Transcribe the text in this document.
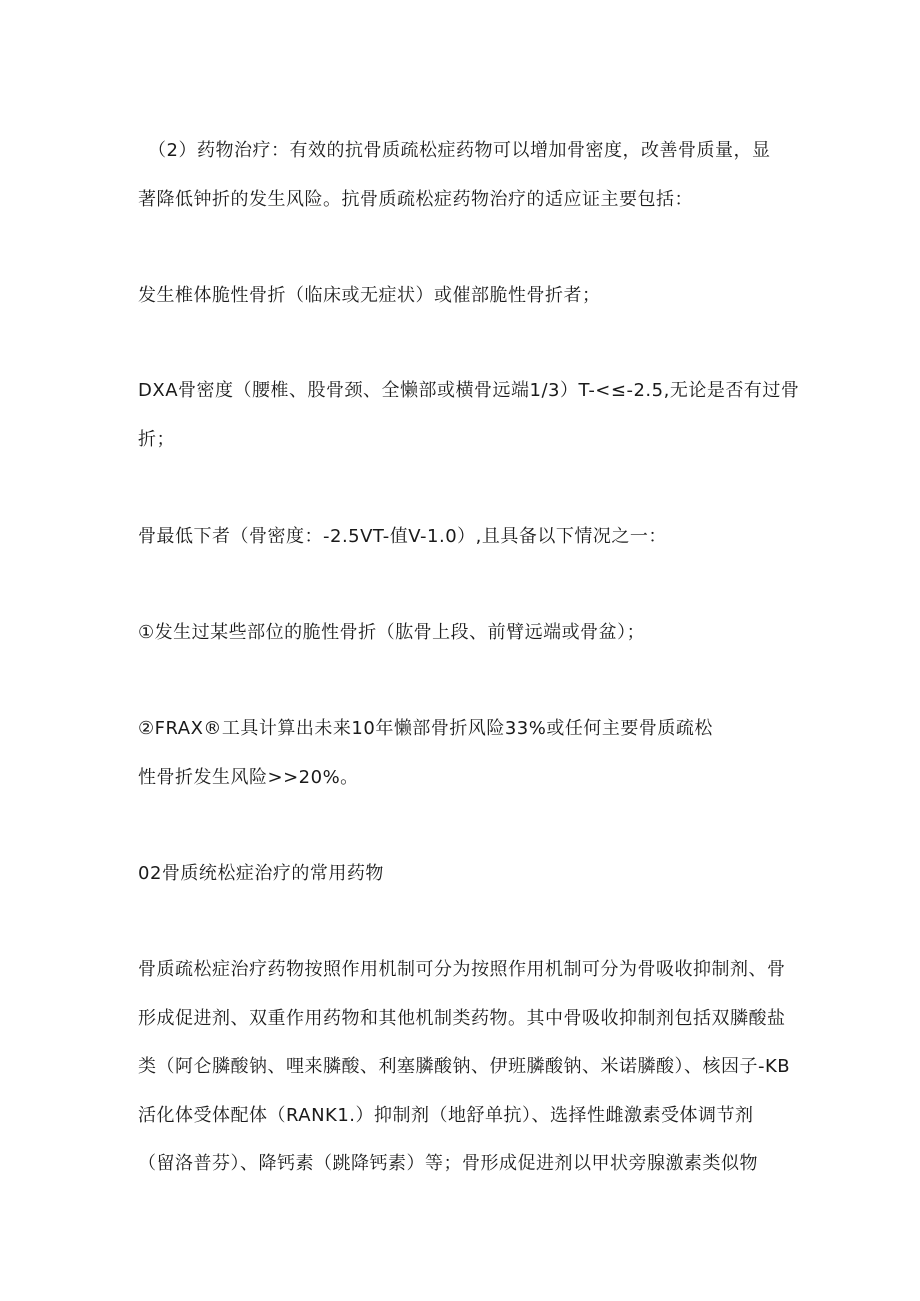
（2）药物治疗：有效的抗骨质疏松症药物可以增加骨密度，改善骨质量，显
著降低钟折的发生风险。抗骨质疏松症药物治疗的适应证主要包括：
发生椎体脆性骨折（临床或无症状）或催部脆性骨折者；
DXA骨密度（腰椎、股骨颈、全懒部或横骨远端1/3）T-<≤-2.5,无论是否有过骨
折；
骨最低下者（骨密度：-2.5VT-值V-1.0）,且具备以下情况之一：
①发生过某些部位的脆性骨折（肱骨上段、前臂远端或骨盆）；
②FRAX®工具计算出未来10年懒部骨折风险33%或任何主要骨质疏松
性骨折发生风险>>20%。
02骨质统松症治疗的常用药物
骨质疏松症治疗药物按照作用机制可分为按照作用机制可分为骨吸收抑制剂、骨
形成促进剂、双重作用药物和其他机制类药物。其中骨吸收抑制剂包括双膦酸盐
类（阿仑膦酸钠、哩来膦酸、利塞膦酸钠、伊班膦酸钠、米诺膦酸）、核因子-KB
活化体受体配体（RANK1.）抑制剂（地舒单抗）、选择性雌激素受体调节剂
（留洛普芬）、降钙素（跳降钙素）等；骨形成促进剂以甲状旁腺激素类似物
